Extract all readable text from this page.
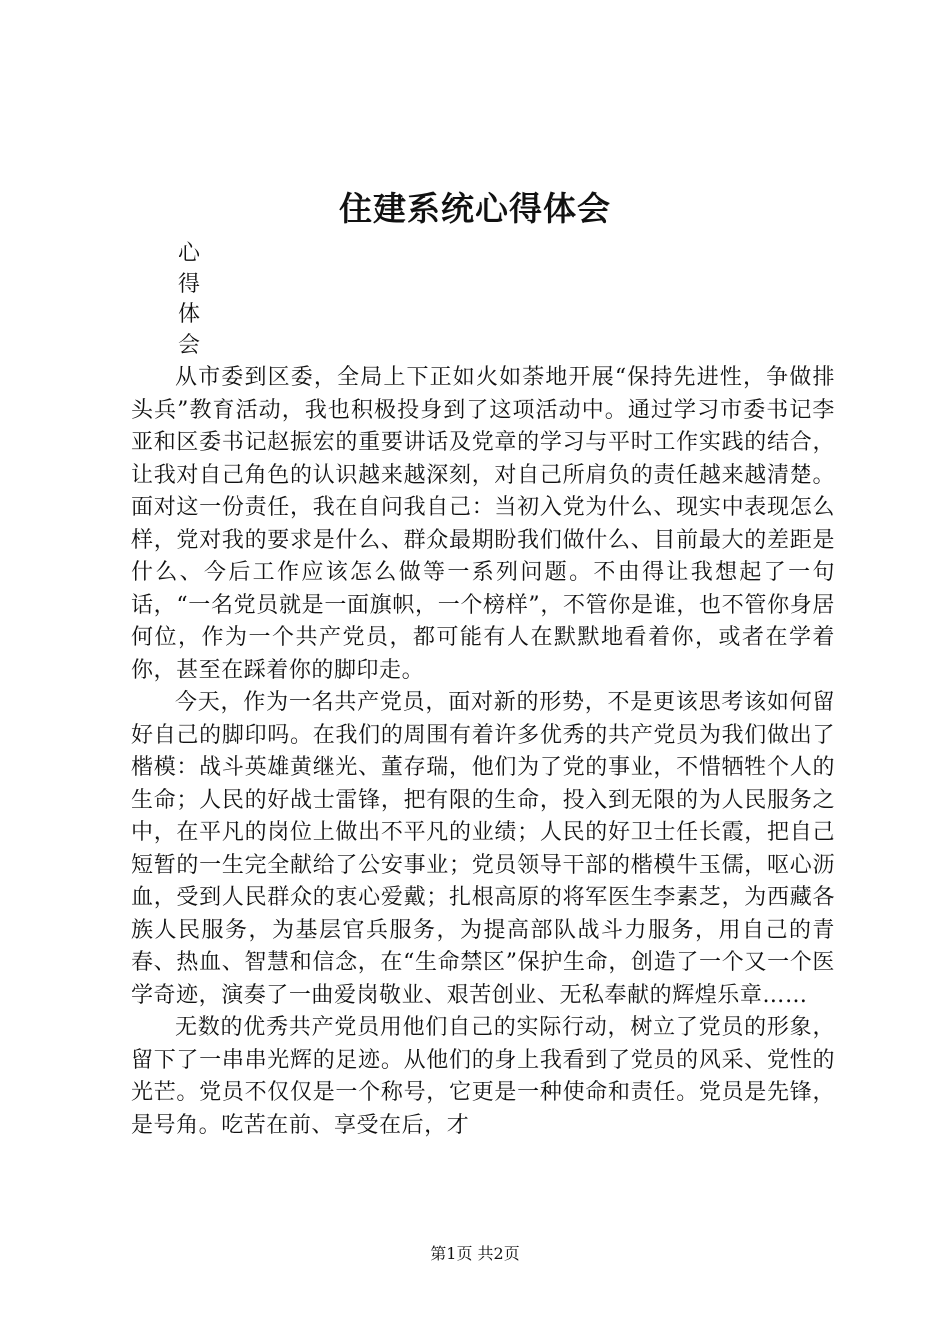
住建系统心得体会
心
得
体
会

从市委到区委，全局上下正如火如荼地开展“保持先进性，争做排头兵”教育活动，我也积极投身到了这项活动中。通过学习市委书记李亚和区委书记赵振宏的重要讲话及党章的学习与平时工作实践的结合，让我对自己角色的认识越来越深刻，对自己所肩负的责任越来越清楚。面对这一份责任，我在自问我自己：当初入党为什么、现实中表现怎么样，党对我的要求是什么、群众最期盼我们做什么、目前最大的差距是什么、今后工作应该怎么做等一系列问题。不由得让我想起了一句话，“一名党员就是一面旗帜，一个榜样”，不管你是谁，也不管你身居何位，作为一个共产党员，都可能有人在默默地看着你，或者在学着你，甚至在踩着你的脚印走。

今天，作为一名共产党员，面对新的形势，不是更该思考该如何留好自己的脚印吗。在我们的周围有着许多优秀的共产党员为我们做出了楷模：战斗英雄黄继光、董存瑞，他们为了党的事业，不惜牺牲个人的生命；人民的好战士雷锋，把有限的生命，投入到无限的为人民服务之中，在平凡的岗位上做出不平凡的业绩；人民的好卫士任长霞，把自己短暂的一生完全献给了公安事业；党员领导干部的楷模牛玉儒，呕心沥血，受到人民群众的衷心爱戴；扎根高原的将军医生李素芝，为西藏各族人民服务，为基层官兵服务，为提高部队战斗力服务，用自己的青春、热血、智慧和信念，在“生命禁区”保护生命，创造了一个又一个医学奇迹，演奏了一曲爱岗敬业、艰苦创业、无私奉献的辉煌乐章……

无数的优秀共产党员用他们自己的实际行动，树立了党员的形象，留下了一串串光辉的足迹。从他们的身上我看到了党员的风采、党性的光芒。党员不仅仅是一个称号，它更是一种使命和责任。党员是先锋，是号角。吃苦在前、享受在后，才

第1页 共2页
